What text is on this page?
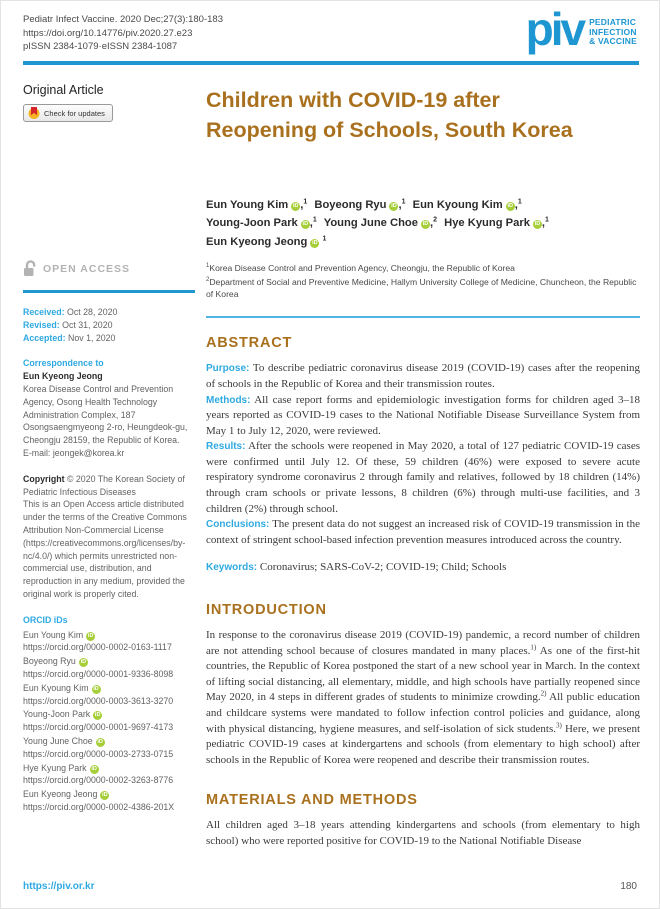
Pediatr Infect Vaccine. 2020 Dec;27(3):180-183
https://doi.org/10.14776/piv.2020.27.e23
pISSN 2384-1079·eISSN 2384-1087	piv PEDIATRIC
INFECTION
& VACCINE
Original Article
Check for updates
OPEN ACCESS
Received: Oct 28, 2020
Revised: Oct 31, 2020
Accepted: Nov 1, 2020
Correspondence to
Eun Kyeong Jeong
Korea Disease Control and Prevention Agency, Osong Health Technology Administration Complex, 187 Osongsaengmyeong 2-ro, Heungdeok-gu, Cheongju 28159, the Republic of Korea.
E-mail: jeongek@korea.kr
Copyright © 2020 The Korean Society of Pediatric Infectious Diseases
This is an Open Access article distributed under the terms of the Creative Commons Attribution Non-Commercial License (https://creativecommons.org/licenses/by-nc/4.0/) which permits unrestricted non-commercial use, distribution, and reproduction in any medium, provided the original work is properly cited.
ORCID iDs
Eun Young Kim iD
https://orcid.org/0000-0002-0163-1117
Boyeong Ryu iD
https://orcid.org/0000-0001-9336-8098
Eun Kyoung Kim iD
https://orcid.org/0000-0003-3613-3270
Young-Joon Park iD
https://orcid.org/0000-0001-9697-4173
Young June Choe iD
https://orcid.org/0000-0003-2733-0715
Hye Kyung Park iD
https://orcid.org/0000-0002-3263-8776
Eun Kyeong Jeong iD
https://orcid.org/0000-0002-4386-201X
Children with COVID-19 after Reopening of Schools, South Korea
Eun Young Kim iD ,$^1$ Boyeong Ryu iD ,$^1$ Eun Kyoung Kim iD ,$^1$ Young-Joon Park iD ,$^1$ Young June Choe iD ,$^2$ Hye Kyung Park iD ,$^1$ Eun Kyeong Jeong iD $^1$
$^1$Korea Disease Control and Prevention Agency, Cheongju, the Republic of Korea
$^2$Department of Social and Preventive Medicine, Hallym University College of Medicine, Chuncheon, the Republic of Korea
ABSTRACT
Purpose: To describe pediatric coronavirus disease 2019 (COVID-19) cases after the reopening of schools in the Republic of Korea and their transmission routes.
Methods: All case report forms and epidemiologic investigation forms for children aged 3–18 years reported as COVID-19 cases to the National Notifiable Disease Surveillance System from May 1 to July 12, 2020, were reviewed.
Results: After the schools were reopened in May 2020, a total of 127 pediatric COVID-19 cases were confirmed until July 12. Of these, 59 children (46%) were exposed to severe acute respiratory syndrome coronavirus 2 through family and relatives, followed by 18 children (14%) through cram schools or private lessons, 8 children (6%) through multi-use facilities, and 3 children (2%) through school.
Conclusions: The present data do not suggest an increased risk of COVID-19 transmission in the context of stringent school-based infection prevention measures introduced across the country.
Keywords: Coronavirus; SARS-CoV-2; COVID-19; Child; Schools
INTRODUCTION
In response to the coronavirus disease 2019 (COVID-19) pandemic, a record number of children are not attending school because of closures mandated in many places.$^{1)}$ As one of the first-hit countries, the Republic of Korea postponed the start of a new school year in March. In the context of lifting social distancing, all elementary, middle, and high schools have partially reopened since May 2020, in 4 steps in different grades of students to minimize crowding.$^{2)}$ All public education and childcare systems were mandated to follow infection control policies and guidance, along with physical distancing, hygiene measures, and self-isolation of sick students.$^{3)}$ Here, we present pediatric COVID-19 cases at kindergartens and schools (from elementary to high school) after schools in the Republic of Korea were reopened and describe their transmission routes.
MATERIALS AND METHODS
All children aged 3–18 years attending kindergartens and schools (from elementary to high school) who were reported positive for COVID-19 to the National Notifiable Disease
https://piv.or.kr	180
